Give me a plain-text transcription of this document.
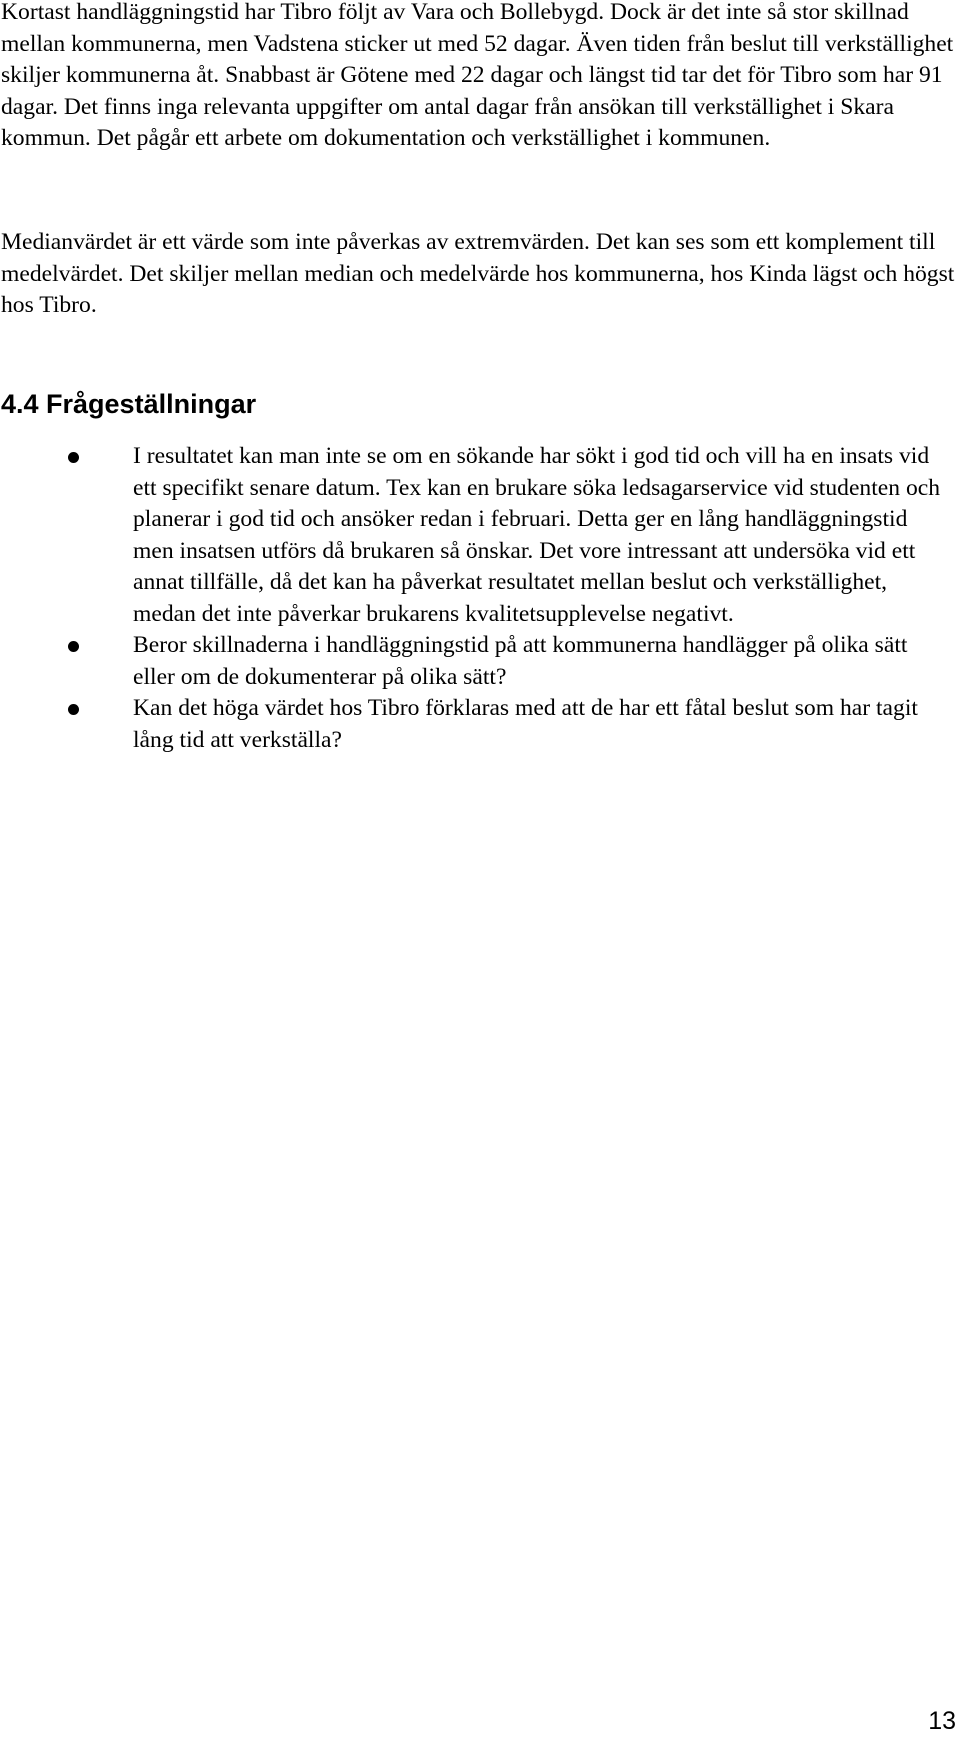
Kortast handläggningstid har Tibro följt av Vara och Bollebygd. Dock är det inte så stor skillnad mellan kommunerna, men Vadstena sticker ut med 52 dagar. Även tiden från beslut till verkställighet skiljer kommunerna åt. Snabbast är Götene med 22 dagar och längst tid tar det för Tibro som har 91 dagar. Det finns inga relevanta uppgifter om antal dagar från ansökan till verkställighet i Skara kommun. Det pågår ett arbete om dokumentation och verkställighet i kommunen.

Medianvärdet är ett värde som inte påverkas av extremvärden. Det kan ses som ett komplement till medelvärdet. Det skiljer mellan median och medelvärde hos kommunerna, hos Kinda lägst och högst hos Tibro.

4.4 Frågeställningar
I resultatet kan man inte se om en sökande har sökt i god tid och vill ha en insats vid ett specifikt senare datum. Tex kan en brukare söka ledsagarservice vid studenten och planerar i god tid och ansöker redan i februari. Detta ger en lång handläggningstid men insatsen utförs då brukaren så önskar. Det vore intressant att undersöka vid ett annat tillfälle, då det kan ha påverkat resultatet mellan beslut och verkställighet, medan det inte påverkar brukarens kvalitetsupplevelse negativt.
Beror skillnaderna i handläggningstid på att kommunerna handlägger på olika sätt eller om de dokumenterar på olika sätt?
Kan det höga värdet hos Tibro förklaras med att de har ett fåtal beslut som har tagit lång tid att verkställa?
13
